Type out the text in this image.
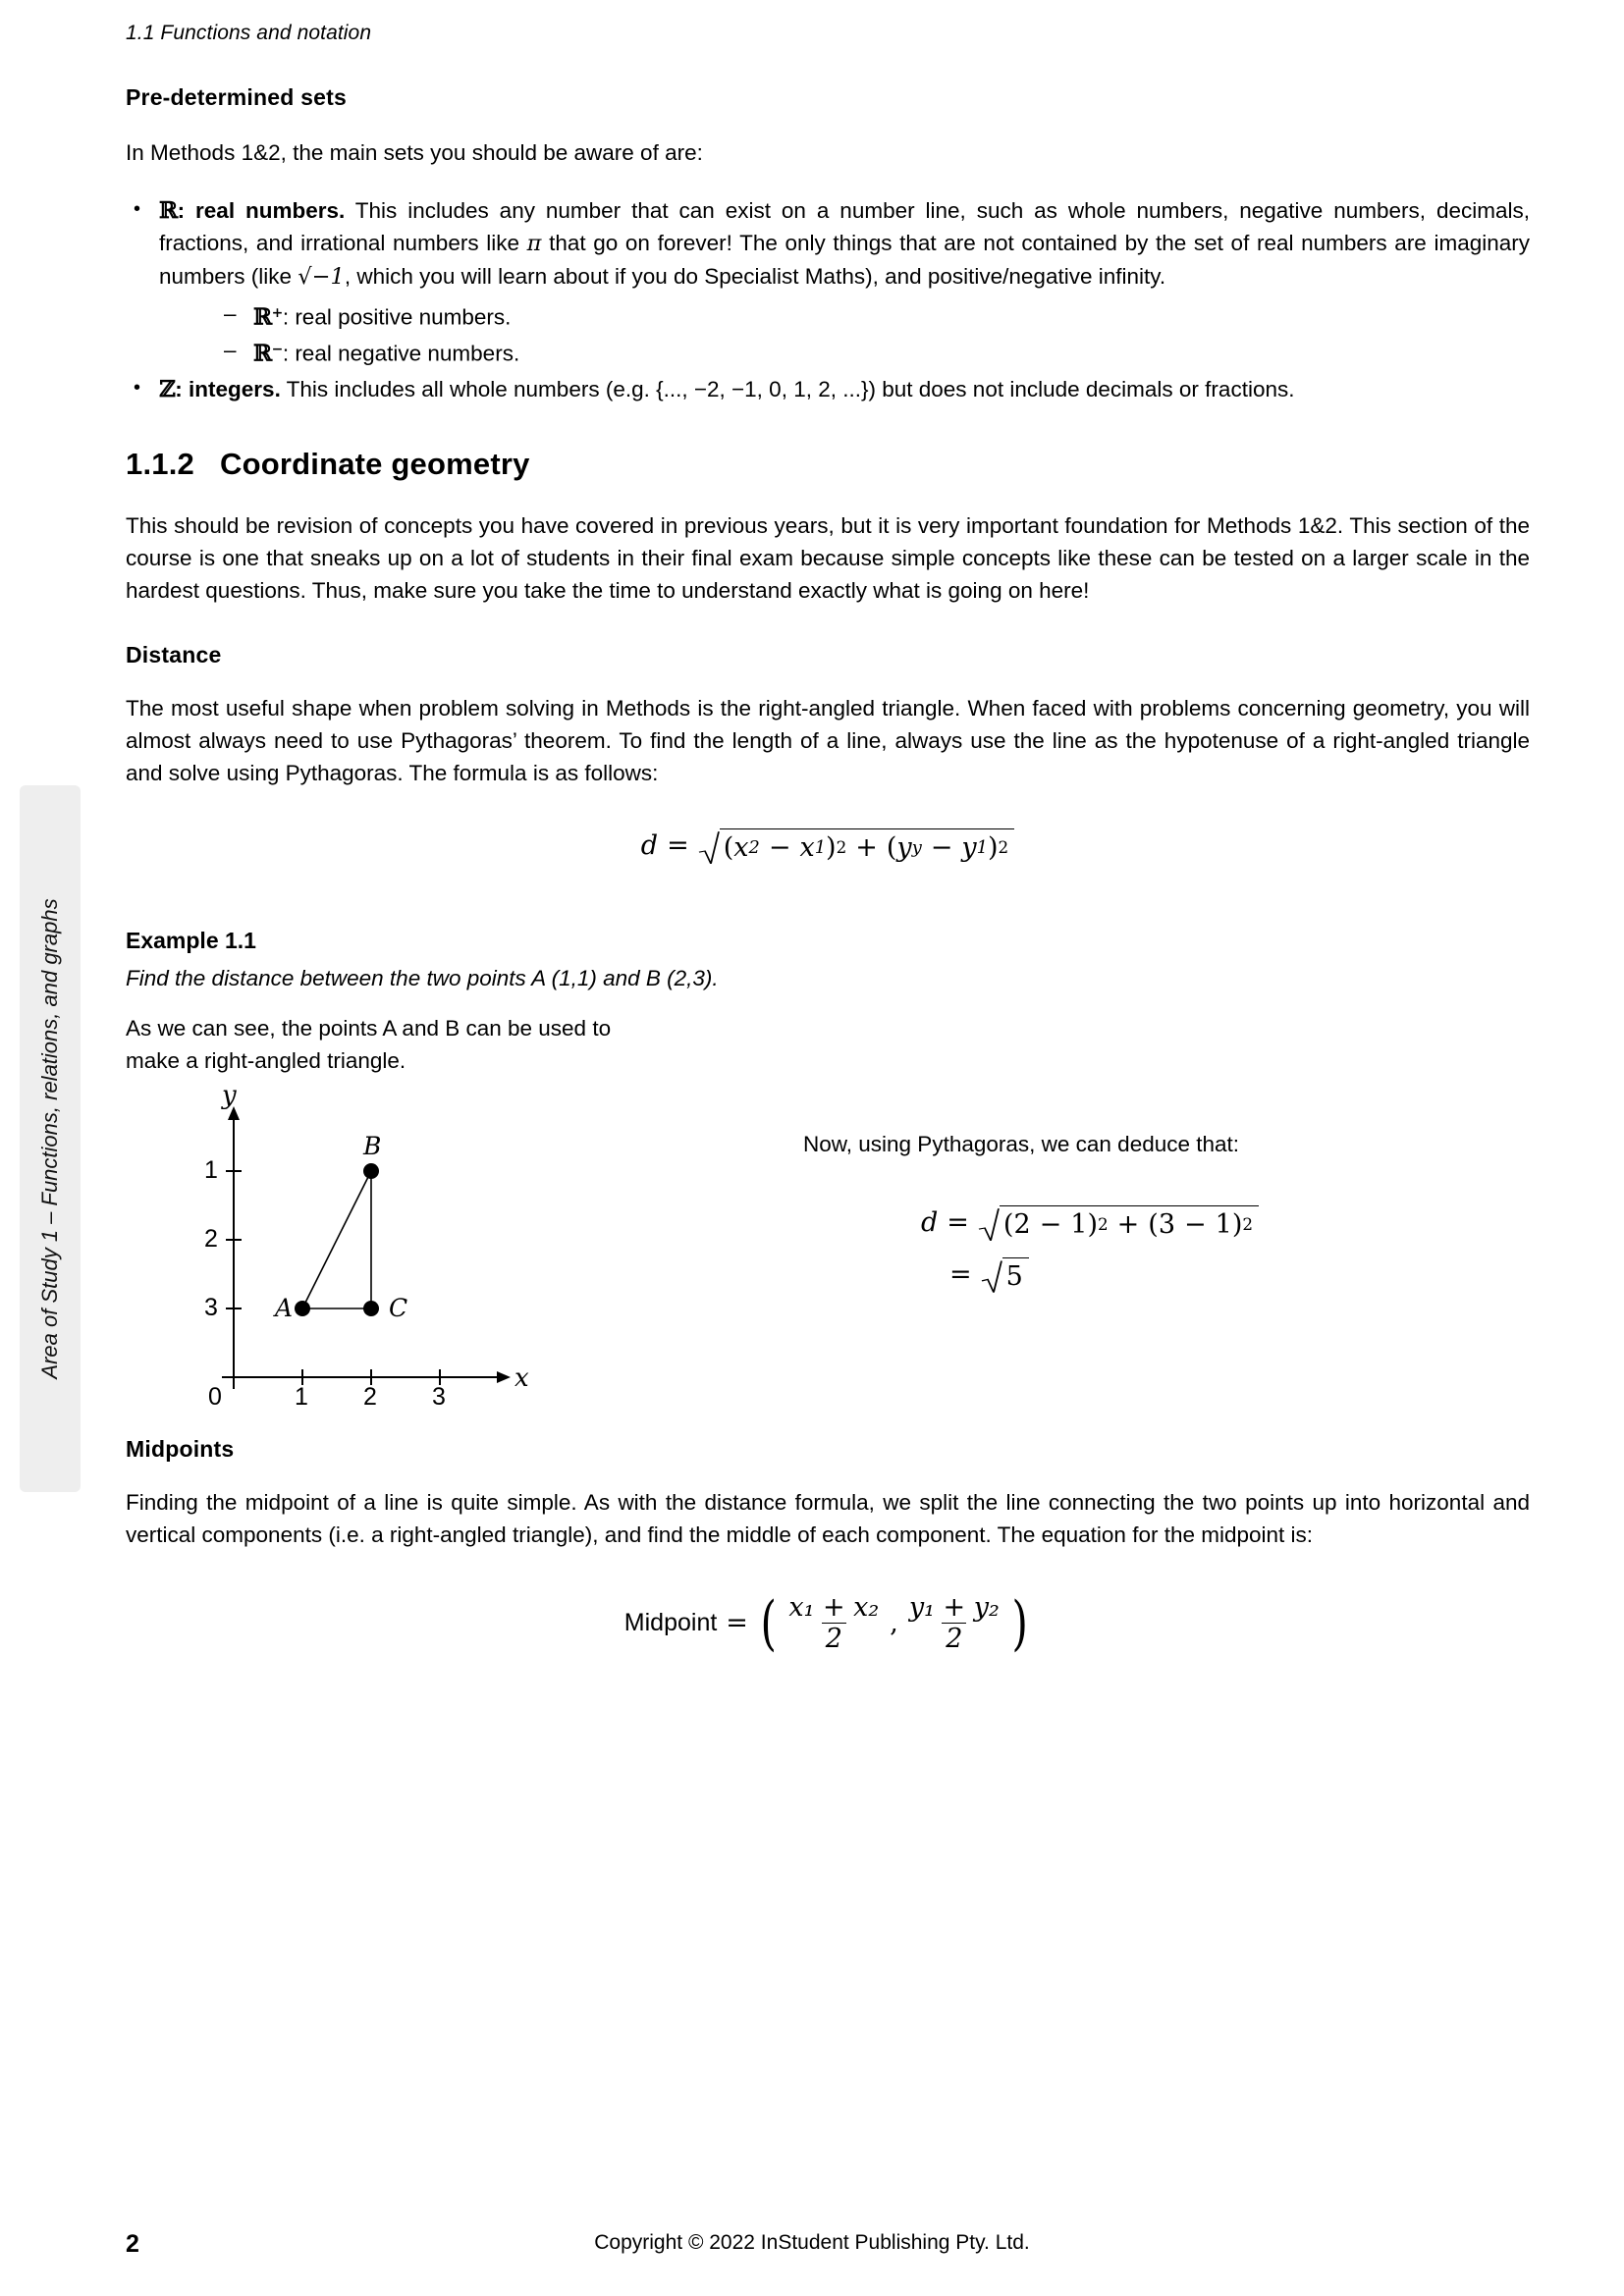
1.1 Functions and notation
Area of Study 1 – Functions, relations, and graphs
Pre-determined sets

In Methods 1&2, the main sets you should be aware of are:

• ℝ: real numbers. This includes any number that can exist on a number line, such as whole numbers, negative numbers, decimals, fractions, and irrational numbers like π that go on forever! The only things that are not contained by the set of real numbers are imaginary numbers (like √−1, which you will learn about if you do Specialist Maths), and positive/negative infinity.
– ℝ+: real positive numbers.
– ℝ−: real negative numbers.
• ℤ: integers. This includes all whole numbers (e.g. {..., −2, −1, 0, 1, 2, ...}) but does not include decimals or fractions.
1.1.2 Coordinate geometry

This should be revision of concepts you have covered in previous years, but it is very important foundation for Methods 1&2. This section of the course is one that sneaks up on a lot of students in their final exam because simple concepts like these can be tested on a larger scale in the hardest questions. Thus, make sure you take the time to understand exactly what is going on here!

Distance

The most useful shape when problem solving in Methods is the right-angled triangle. When faced with problems concerning geometry, you will almost always need to use Pythagoras’ theorem. To find the length of a line, always use the line as the hypotenuse of a right-angled triangle and solve using Pythagoras. The formula is as follows:

d =	( x 2 − x 1 ) 2 + ( y y − y 1 ) 2
Example 1.1
Find the distance between the two points A (1,1) and B (2,3).

As we can see, the points A and B can be used to

make a right-angled triangle.

y
x
0
3
2
1
1 2 3
A
B
C

Now, using Pythagoras, we can deduce that:

d =	( 2 − 1 ) 2 + ( 3 − 1 ) 2
=	5
Midpoints

Finding the midpoint of a line is quite simple. As with the distance formula, we split the line connecting the two points up into horizontal and vertical components (i.e. a right-angled triangle), and find the middle of each component. The equation for the midpoint is:

Midpoint = ( $\frac{\text{x₁ + x₂}}{2}$ , $\frac{\text{y₁ + y₂}}{2}$ )
2	Copyright © 2022 InStudent Publishing Pty. Ltd.
